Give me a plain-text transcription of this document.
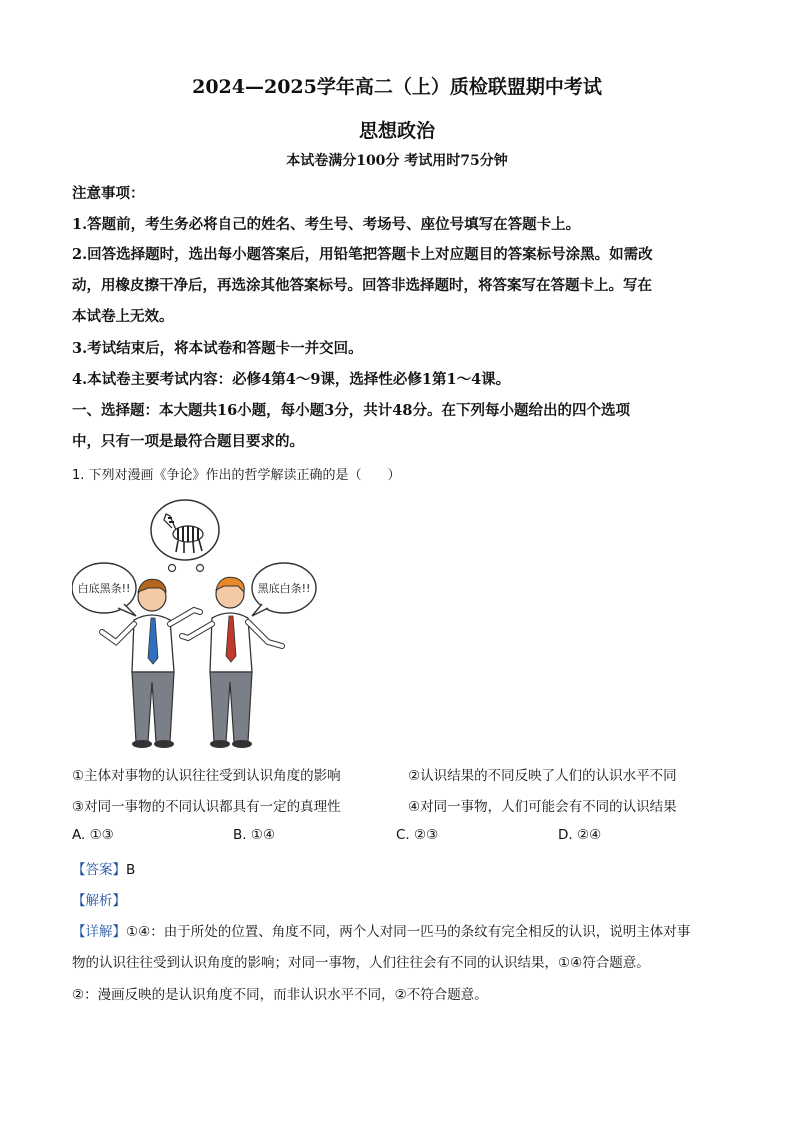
2024—2025学年高二（上）质检联盟期中考试
思想政治
本试卷满分100分 考试用时75分钟
注意事项：
1.答题前，考生务必将自己的姓名、考生号、考场号、座位号填写在答题卡上。
2.回答选择题时，选出每小题答案后，用铅笔把答题卡上对应题目的答案标号涂黑。如需改
动，用橡皮擦干净后，再选涂其他答案标号。回答非选择题时，将答案写在答题卡上。写在
本试卷上无效。
3.考试结束后，将本试卷和答题卡一并交回。
4.本试卷主要考试内容：必修4第4～9课，选择性必修1第1～4课。
一、选择题：本大题共16小题，每小题3分，共计48分。在下列每小题给出的四个选项
中，只有一项是最符合题目要求的。
1. 下列对漫画《争论》作出的哲学解读正确的是（　　）
白底黑条!!	黑底白条!!
①主体对事物的认识往往受到认识角度的影响	②认识结果的不同反映了人们的认识水平不同
③对同一事物的不同认识都具有一定的真理性	④对同一事物，人们可能会有不同的认识结果
A. ①③	B. ①④	C. ②③	D. ②④
【答案】B
【解析】
【详解】①④：由于所处的位置、角度不同，两个人对同一匹马的条纹有完全相反的认识，说明主体对事
物的认识往往受到认识角度的影响；对同一事物，人们往往会有不同的认识结果，①④符合题意。
②：漫画反映的是认识角度不同，而非认识水平不同，②不符合题意。
